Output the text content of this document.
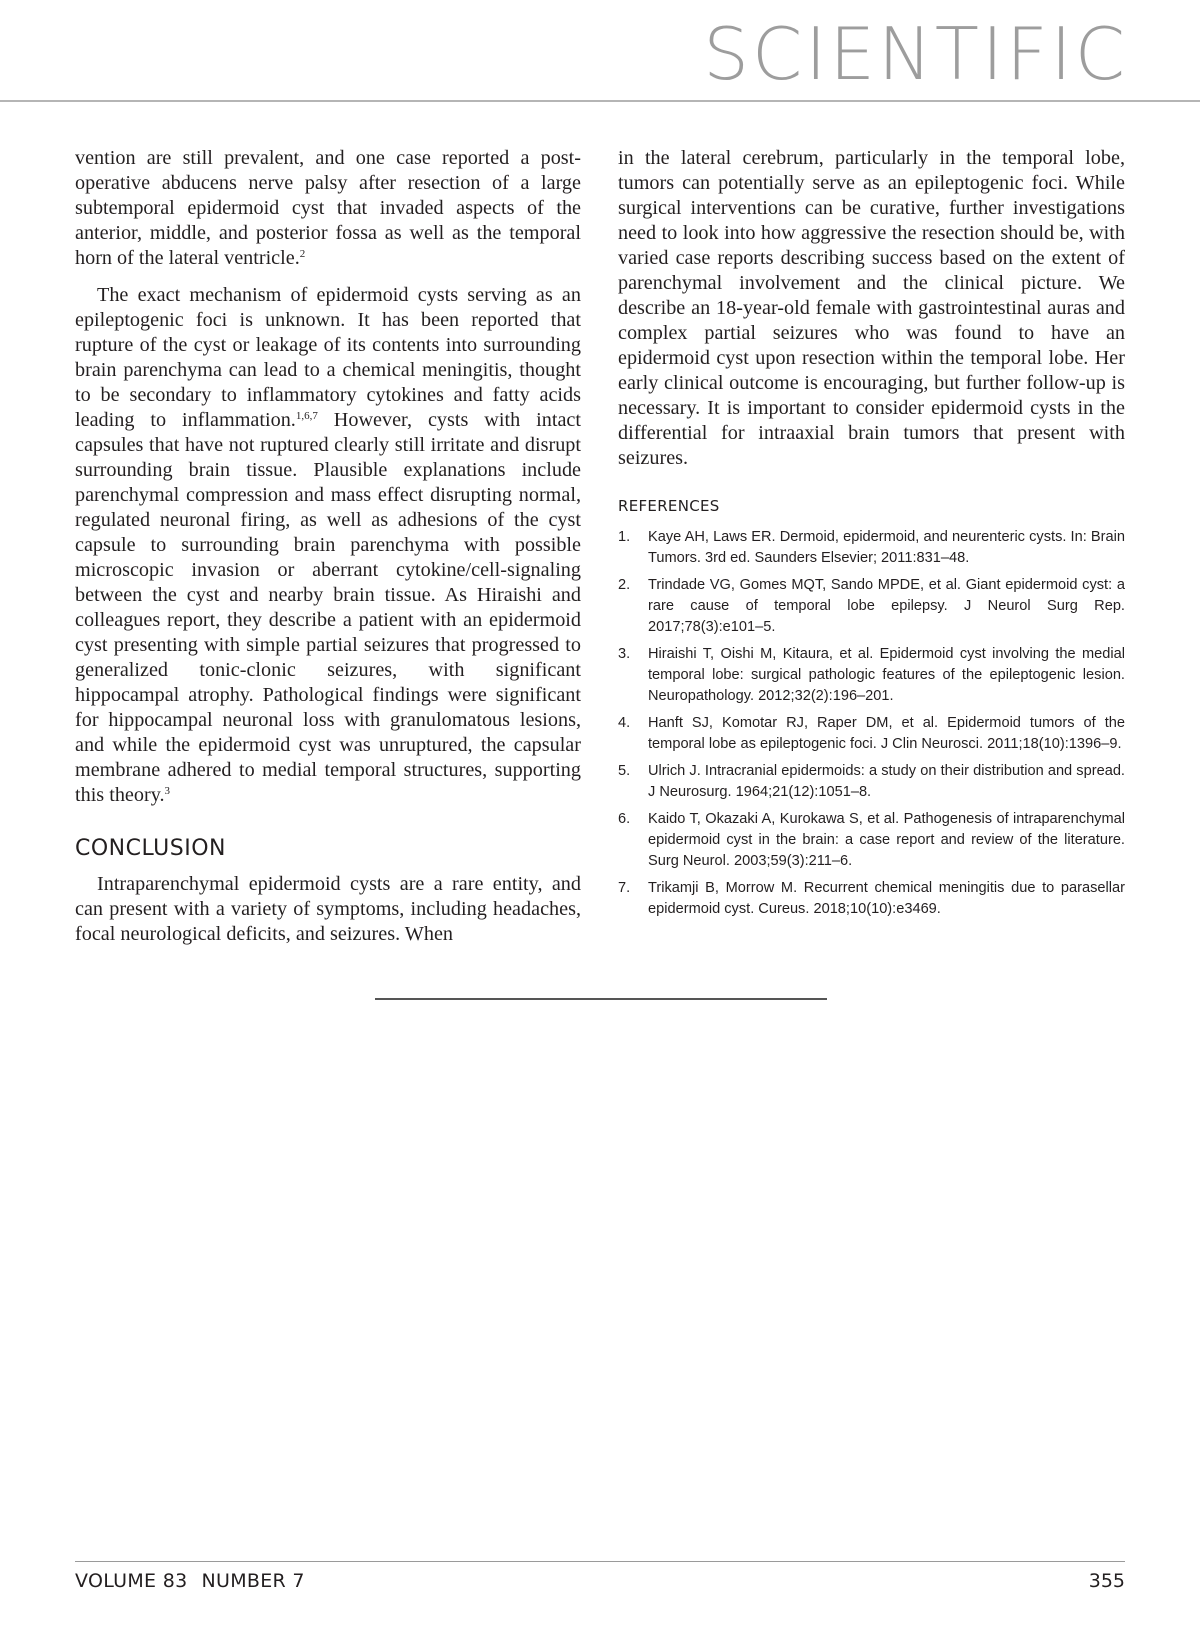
SCIENTIFIC

vention are still prevalent, and one case reported a post-operative abducens nerve palsy after resection of a large subtemporal epidermoid cyst that invaded aspects of the anterior, middle, and posterior fossa as well as the temporal horn of the lateral ventricle.$^2$

The exact mechanism of epidermoid cysts serving as an epileptogenic foci is unknown. It has been reported that rupture of the cyst or leakage of its contents into surrounding brain parenchyma can lead to a chemical meningitis, thought to be secondary to inflammatory cytokines and fatty acids leading to inflammation.$^{1,6,7}$ However, cysts with intact capsules that have not ruptured clearly still irritate and disrupt surrounding brain tissue. Plausible explanations include parenchymal compression and mass effect disrupting normal, regulated neuronal firing, as well as adhesions of the cyst capsule to surrounding brain parenchyma with possible microscopic invasion or aberrant cytokine/cell-signaling between the cyst and nearby brain tissue. As Hiraishi and colleagues report, they describe a patient with an epidermoid cyst presenting with simple partial seizures that progressed to generalized tonic-clonic seizures, with significant hippocampal atrophy. Pathological findings were significant for hippocampal neuronal loss with granulomatous lesions, and while the epidermoid cyst was unruptured, the capsular membrane adhered to medial temporal structures, supporting this theory.$^3$

CONCLUSION

Intraparenchymal epidermoid cysts are a rare entity, and can present with a variety of symptoms, including headaches, focal neurological deficits, and seizures. When

in the lateral cerebrum, particularly in the temporal lobe, tumors can potentially serve as an epileptogenic foci. While surgical interventions can be curative, further investigations need to look into how aggressive the resection should be, with varied case reports describing success based on the extent of parenchymal involvement and the clinical picture. We describe an 18-year-old female with gastrointestinal auras and complex partial seizures who was found to have an epidermoid cyst upon resection within the temporal lobe. Her early clinical outcome is encouraging, but further follow-up is necessary. It is important to consider epidermoid cysts in the differential for intraaxial brain tumors that present with seizures.

REFERENCES
1.	Kaye AH, Laws ER. Dermoid, epidermoid, and neurenteric cysts. In: Brain Tumors. 3rd ed. Saunders Elsevier; 2011:831–48.
2.	Trindade VG, Gomes MQT, Sando MPDE, et al. Giant epidermoid cyst: a rare cause of temporal lobe epilepsy. J Neurol Surg Rep. 2017;78(3):e101–5.
3.	Hiraishi T, Oishi M, Kitaura, et al. Epidermoid cyst involving the medial temporal lobe: surgical pathologic features of the epileptogenic lesion. Neuropathology. 2012;32(2):196–201.
4.	Hanft SJ, Komotar RJ, Raper DM, et al. Epidermoid tumors of the temporal lobe as epileptogenic foci. J Clin Neurosci. 2011;18(10):1396–9.
5.	Ulrich J. Intracranial epidermoids: a study on their distribution and spread. J Neurosurg. 1964;21(12):1051–8.
6.	Kaido T, Okazaki A, Kurokawa S, et al. Pathogenesis of intraparenchymal epidermoid cyst in the brain: a case report and review of the literature. Surg Neurol. 2003;59(3):211–6.
7.	Trikamji B, Morrow M. Recurrent chemical meningitis due to parasellar epidermoid cyst. Cureus. 2018;10(10):e3469.
VOLUME 83 NUMBER 7	355
